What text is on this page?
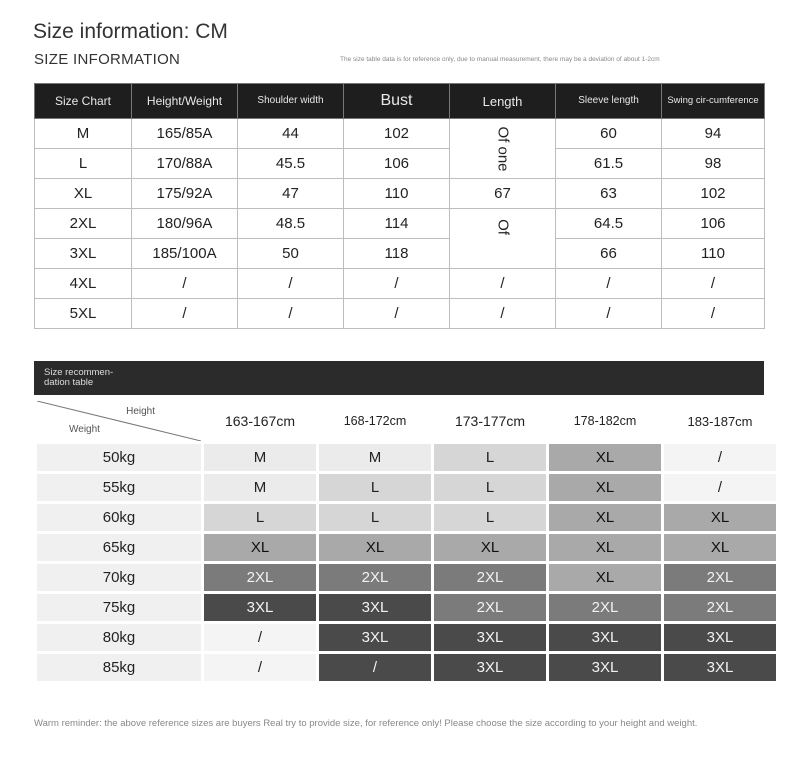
Size information: CM
SIZE INFORMATION	The size table data is for reference only, due to manual measurement, there may be a deviation of about 1-2cm
Size Chart	Height/Weight	Shoulder width	Bust	Length	Sleeve length	Swing cir-cumference
M	165/85A	44	102	Of one	60	94
L	170/88A	45.5	106		61.5	98
XL	175/92A	47	110	67	63	102
2XL	180/96A	48.5	114	Of	64.5	106
3XL	185/100A	50	118		66	110
4XL	/	/	/	/	/	/
5XL	/	/	/	/	/	/
Size recommen-dation table
Height
Weight	163-167cm	168-172cm	173-177cm	178-182cm	183-187cm
50kg	M	M	L	XL	/
55kg	M	L	L	XL	/
60kg	L	L	L	XL	XL
65kg	XL	XL	XL	XL	XL
70kg	2XL	2XL	2XL	XL	2XL
75kg	3XL	3XL	2XL	2XL	2XL
80kg	/	3XL	3XL	3XL	3XL
85kg	/	/	3XL	3XL	3XL
Warm reminder: the above reference sizes are buyers Real try to provide size, for reference only! Please choose the size according to your height and weight.
